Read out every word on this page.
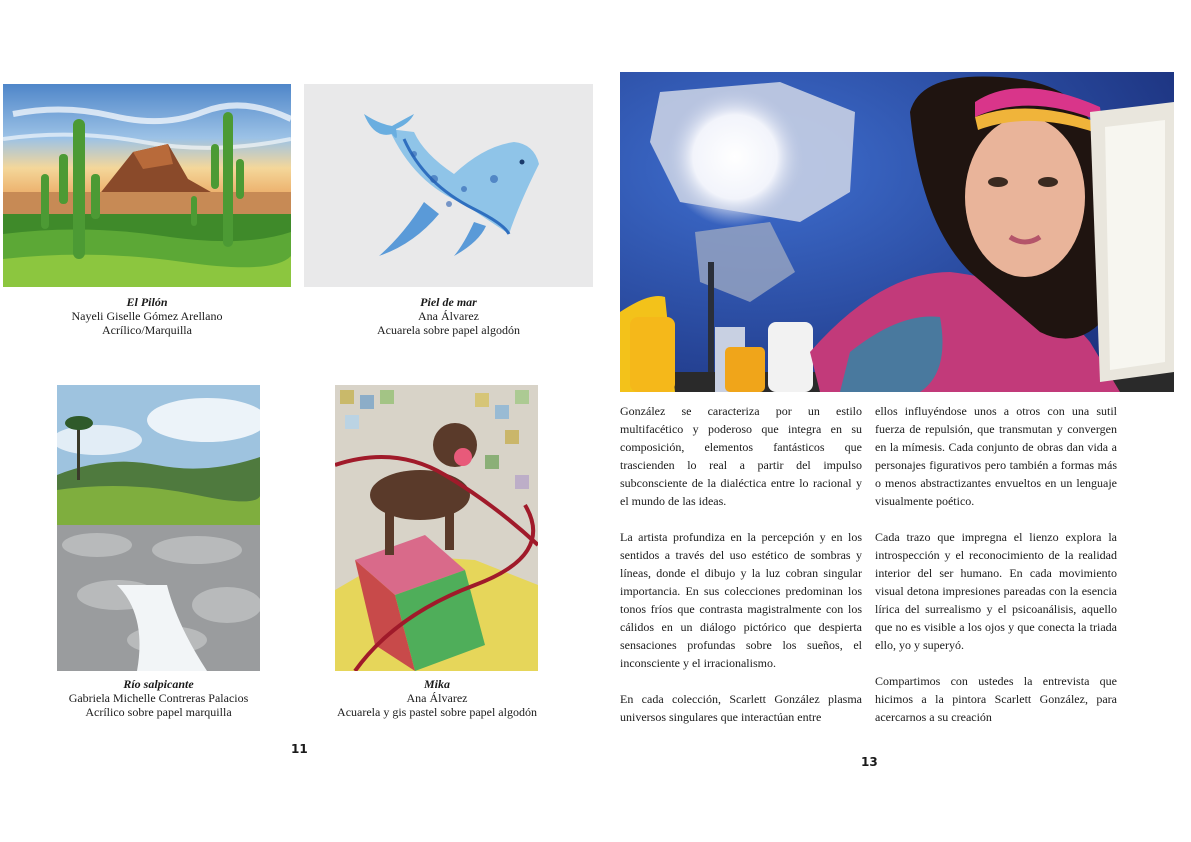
El Pilón
Nayeli Giselle Gómez Arellano
Acrílico/Marquilla
Piel de mar
Ana Álvarez
Acuarela sobre papel algodón
Río salpicante
Gabriela Michelle Contreras Palacios
Acrílico sobre papel marquilla
Mika
Ana Álvarez
Acuarela y gis pastel sobre papel algodón
11

González se caracteriza por un estilo multifacético y poderoso que integra en su composición, elementos fantásticos que trascienden lo real a partir del impulso subconsciente de la dialéctica entre lo racional y el mundo de las ideas.

La artista profundiza en la percepción y en los sentidos a través del uso estético de sombras y líneas, donde el dibujo y la luz cobran singular importancia. En sus colecciones predominan los tonos fríos que contrasta magistralmente con los cálidos en un diálogo pictórico que despierta sensaciones profundas sobre los sueños, el inconsciente y el irracionalismo.

En cada colección, Scarlett González plasma universos singulares que interactúan entre

ellos influyéndose unos a otros con una sutil fuerza de repulsión, que transmutan y convergen en la mímesis. Cada conjunto de obras dan vida a personajes figurativos pero también a formas más o menos abstractizantes envueltos en un lenguaje visualmente poético.

Cada trazo que impregna el lienzo explora la introspección y el reconocimiento de la realidad interior del ser humano. En cada movimiento visual detona impresiones pareadas con la esencia lírica del surrealismo y el psicoanálisis, aquello que no es visible a los ojos y que conecta la triada ello, yo y superyó.

Compartimos con ustedes la entrevista que hicimos a la pintora Scarlett González, para acercarnos a su creación

13
